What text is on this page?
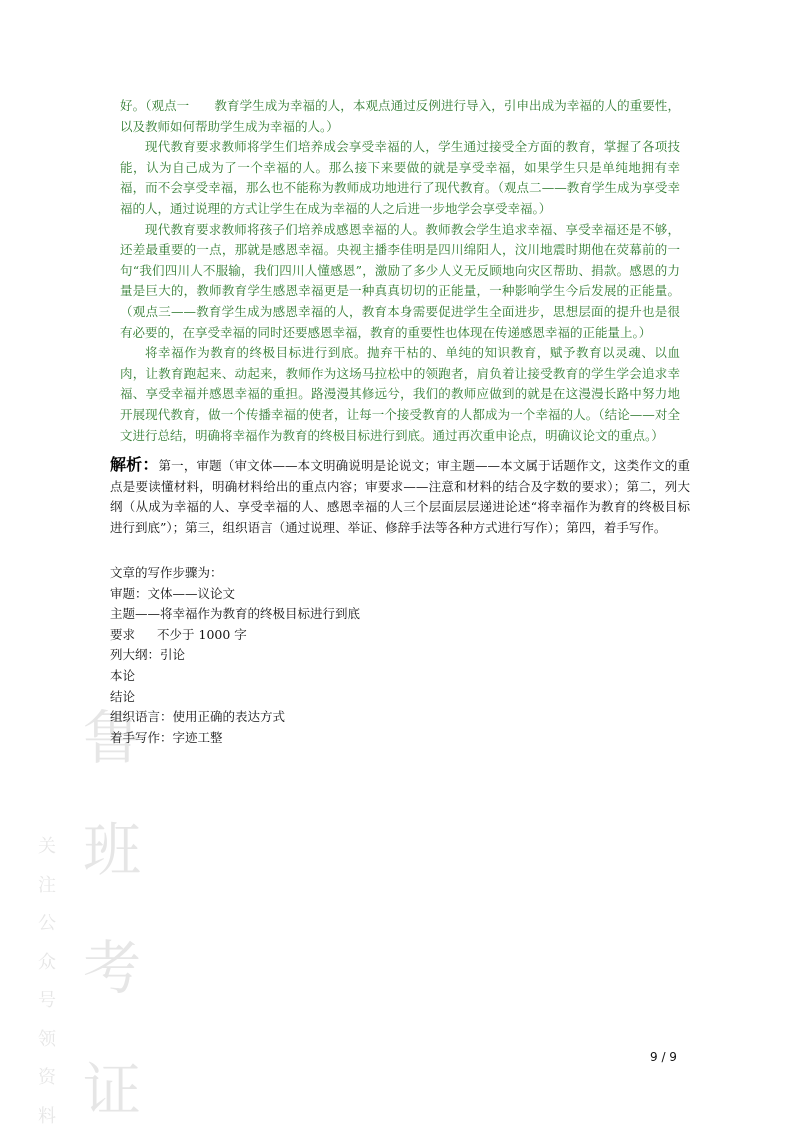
鲁
班
考
证
关注公众号领资料

好。（观点一　　教育学生成为幸福的人，本观点通过反例进行导入，引申出成为幸福的人的重要性，以及教师如何帮助学生成为幸福的人。）

现代教育要求教师将学生们培养成会享受幸福的人，学生通过接受全方面的教育，掌握了各项技能，认为自己成为了一个幸福的人。那么接下来要做的就是享受幸福，如果学生只是单纯地拥有幸福，而不会享受幸福，那么也不能称为教师成功地进行了现代教育。（观点二——教育学生成为享受幸福的人，通过说理的方式让学生在成为幸福的人之后进一步地学会享受幸福。）

现代教育要求教师将孩子们培养成感恩幸福的人。教师教会学生追求幸福、享受幸福还是不够，还差最重要的一点，那就是感恩幸福。央视主播李佳明是四川绵阳人，汶川地震时期他在荧幕前的一句“我们四川人不服输，我们四川人懂感恩”，激励了多少人义无反顾地向灾区帮助、捐款。感恩的力量是巨大的，教师教育学生感恩幸福更是一种真真切切的正能量，一种影响学生今后发展的正能量。（观点三——教育学生成为感恩幸福的人，教育本身需要促进学生全面进步，思想层面的提升也是很有必要的，在享受幸福的同时还要感恩幸福，教育的重要性也体现在传递感恩幸福的正能量上。）

将幸福作为教育的终极目标进行到底。抛弃干枯的、单纯的知识教育，赋予教育以灵魂、以血肉，让教育跑起来、动起来，教师作为这场马拉松中的领跑者，肩负着让接受教育的学生学会追求幸福、享受幸福并感恩幸福的重担。路漫漫其修远兮，我们的教师应做到的就是在这漫漫长路中努力地开展现代教育，做一个传播幸福的使者，让每一个接受教育的人都成为一个幸福的人。（结论——对全文进行总结，明确将幸福作为教育的终极目标进行到底。通过再次重申论点，明确议论文的重点。）

解析：第一，审题（审文体——本文明确说明是论说文；审主题——本文属于话题作文，这类作文的重点是要读懂材料，明确材料给出的重点内容；审要求——注意和材料的结合及字数的要求）；第二，列大纲（从成为幸福的人、享受幸福的人、感恩幸福的人三个层面层层递进论述“将幸福作为教育的终极目标进行到底”）；第三，组织语言（通过说理、举证、修辞手法等各种方式进行写作）；第四，着手写作。

文章的写作步骤为：
审题：文体——议论文
主题——将幸福作为教育的终极目标进行到底
要求 不少于 1000 字
列大纲：引论
本论
结论
组织语言：使用正确的表达方式
着手写作：字迹工整
9 / 9
